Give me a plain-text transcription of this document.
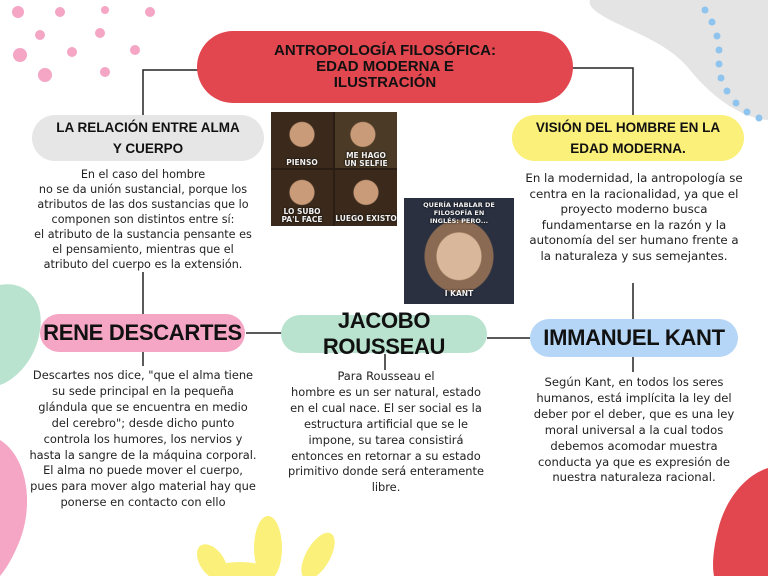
ANTROPOLOGÍA FILOSÓFICA:
EDAD MODERNA E
ILUSTRACIÓN
LA RELACIÓN ENTRE ALMA
Y CUERPO
En el caso del hombre
no se da unión sustancial, porque los atributos de las dos sustancias que lo componen son distintos entre sí:
el atributo de la sustancia pensante es el pensamiento, mientras que el atributo del cuerpo es la extensión.
VISIÓN DEL HOMBRE EN LA
EDAD MODERNA.
En la modernidad, la antropología se centra en la racionalidad, ya que el proyecto moderno busca fundamentarse en la razón y la autonomía del ser humano frente a la naturaleza y sus semejantes.
PIENSO
ME HAGO
UN SELFIE
LO SUBO
PA'L FACE	LUEGO EXISTO
QUERÍA HABLAR DE FILOSOFÍA EN
INGLÉS: PERO...
I KANT
RENE DESCARTES
Descartes nos dice, "que el alma tiene su sede principal en la pequeña glándula que se encuentra en medio del cerebro"; desde dicho punto controla los humores, los nervios y hasta la sangre de la máquina corporal. El alma no puede mover el cuerpo, pues para mover algo material hay que ponerse en contacto con ello
JACOBO ROUSSEAU
Para Rousseau el
hombre es un ser natural, estado en el cual nace. El ser social es la estructura artificial que se le impone, su tarea consistirá entonces en retornar a su estado primitivo donde será enteramente libre.
IMMANUEL KANT
Según Kant, en todos los seres humanos, está implícita la ley del deber por el deber, que es una ley moral universal a la cual todos debemos acomodar muestra conducta ya que es expresión de nuestra naturaleza racional.
